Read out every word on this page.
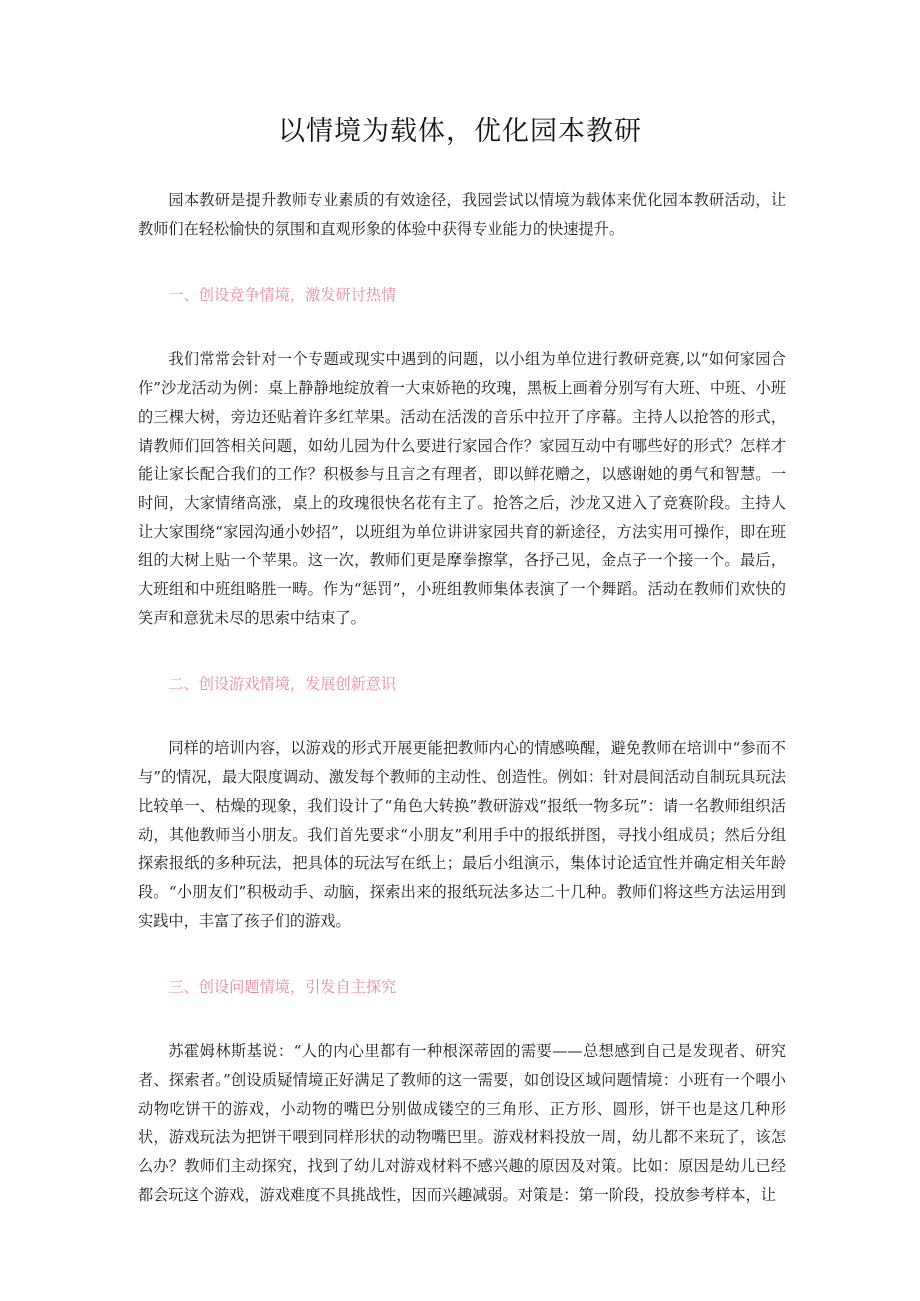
以情境为载体，优化园本教研

园本教研是提升教师专业素质的有效途径，我园尝试以情境为载体来优化园本教研活动，让教师们在轻松愉快的氛围和直观形象的体验中获得专业能力的快速提升。

一、创设竞争情境，激发研讨热情

我们常常会针对一个专题或现实中遇到的问题，以小组为单位进行教研竞赛,以“如何家园合作”沙龙活动为例：桌上静静地绽放着一大束娇艳的玫瑰，黑板上画着分别写有大班、中班、小班的三棵大树，旁边还贴着许多红苹果。活动在活泼的音乐中拉开了序幕。主持人以抢答的形式，请教师们回答相关问题，如幼儿园为什么要进行家园合作？家园互动中有哪些好的形式？怎样才能让家长配合我们的工作？积极参与且言之有理者，即以鲜花赠之，以感谢她的勇气和智慧。一时间，大家情绪高涨，桌上的玫瑰很快名花有主了。抢答之后，沙龙又进入了竞赛阶段。主持人让大家围绕“家园沟通小妙招”，以班组为单位讲讲家园共育的新途径，方法实用可操作，即在班组的大树上贴一个苹果。这一次，教师们更是摩拳擦掌，各抒己见，金点子一个接一个。最后，大班组和中班组略胜一畴。作为“惩罚”，小班组教师集体表演了一个舞蹈。活动在教师们欢快的笑声和意犹未尽的思索中结束了。

二、创设游戏情境，发展创新意识

同样的培训内容，以游戏的形式开展更能把教师内心的情感唤醒，避免教师在培训中“参而不与”的情况，最大限度调动、激发每个教师的主动性、创造性。例如：针对晨间活动自制玩具玩法比较单一、枯燥的现象，我们设计了“角色大转换”教研游戏“报纸一物多玩”：请一名教师组织活动，其他教师当小朋友。我们首先要求“小朋友”利用手中的报纸拼图，寻找小组成员；然后分组探索报纸的多种玩法，把具体的玩法写在纸上；最后小组演示，集体讨论适宜性并确定相关年龄段。“小朋友们”积极动手、动脑，探索出来的报纸玩法多达二十几种。教师们将这些方法运用到实践中，丰富了孩子们的游戏。

三、创设问题情境，引发自主探究

苏霍姆林斯基说：“人的内心里都有一种根深蒂固的需要——总想感到自己是发现者、研究者、探索者。”创设质疑情境正好满足了教师的这一需要，如创设区域问题情境：小班有一个喂小动物吃饼干的游戏，小动物的嘴巴分别做成镂空的三角形、正方形、圆形，饼干也是这几种形状，游戏玩法为把饼干喂到同样形状的动物嘴巴里。游戏材料投放一周，幼儿都不来玩了，该怎么办？教师们主动探究，找到了幼儿对游戏材料不感兴趣的原因及对策。比如：原因是幼儿已经都会玩这个游戏，游戏难度不具挑战性，因而兴趣减弱。对策是：第一阶段，投放参考样本，让
